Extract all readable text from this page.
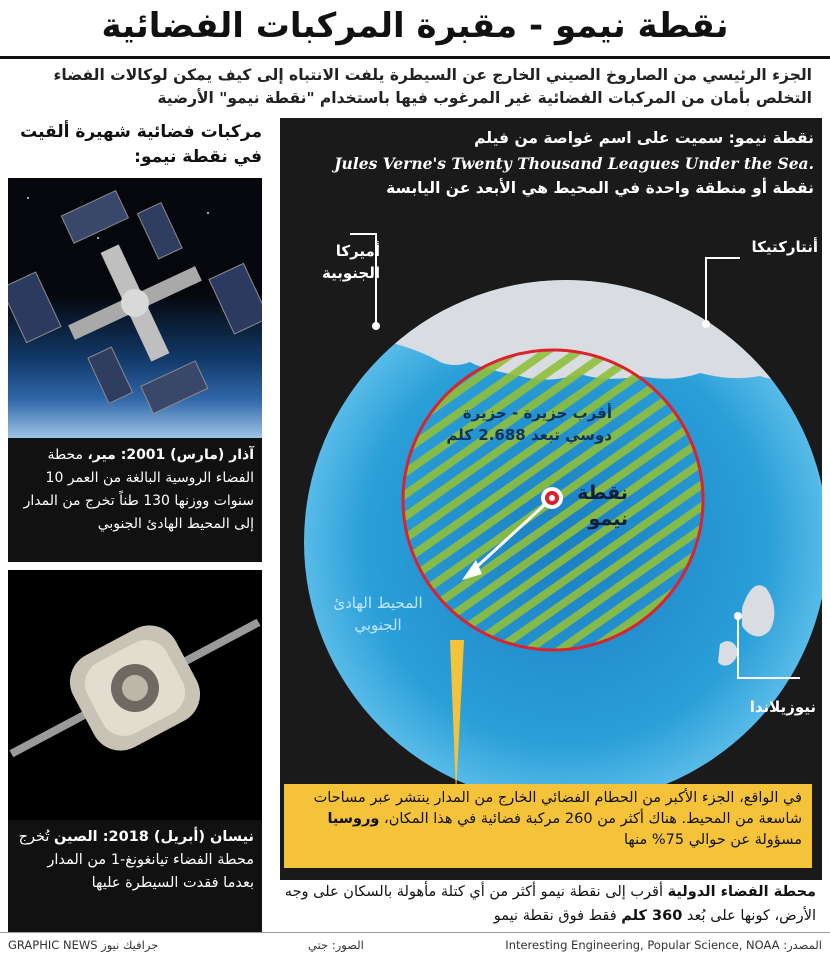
نقطة نيمو - مقبرة المركبات الفضائية
الجزء الرئيسي من الصاروخ الصيني الخارج عن السيطرة يلفت الانتباه إلى كيف يمكن لوكالات الفضاء التخلص بأمان من المركبات الفضائية غير المرغوب فيها باستخدام "نقطة نيمو" الأرضية
مركبات فضائية شهيرة ألقيت في نقطة نيمو:
آذار (مارس) 2001: مير، محطة الفضاء الروسية البالغة من العمر 10 سنوات ووزنها 130 طناً تخرج من المدار إلى المحيط الهادئ الجنوبي
نيسان (أبريل) 2018: الصين تُخرج محطة الفضاء تيانغونغ-1 من المدار بعدما فقدت السيطرة عليها
نقطة نيمو: سميت على اسم غواصة من فيلم
Jules Verne's Twenty Thousand Leagues Under the Sea.
نقطة أو منطقة واحدة في المحيط هي الأبعد عن اليابسة
أميركا الجنوبية
أنتاركتيكا
أقرب جزيرة - جزيرة دوسي تبعد 2.688 كلم
نقطة نيمو
المحيط الهادئ الجنوبي
نيوزيلاندا
في الواقع، الجزء الأكبر من الحطام الفضائي الخارج من المدار ينتشر عبر مساحات شاسعة من المحيط. هناك أكثر من 260 مركبة فضائية في هذا المكان، وروسيا مسؤولة عن حوالي 75% منها
محطة الفضاء الدولية أقرب إلى نقطة نيمو أكثر من أي كتلة مأهولة بالسكان على وجه الأرض، كونها على بُعد 360 كلم فقط فوق نقطة نيمو
GRAPHIC NEWS جرافيك نيوز	الصور: جتي	المصدر: Interesting Engineering, Popular Science, NOAA
